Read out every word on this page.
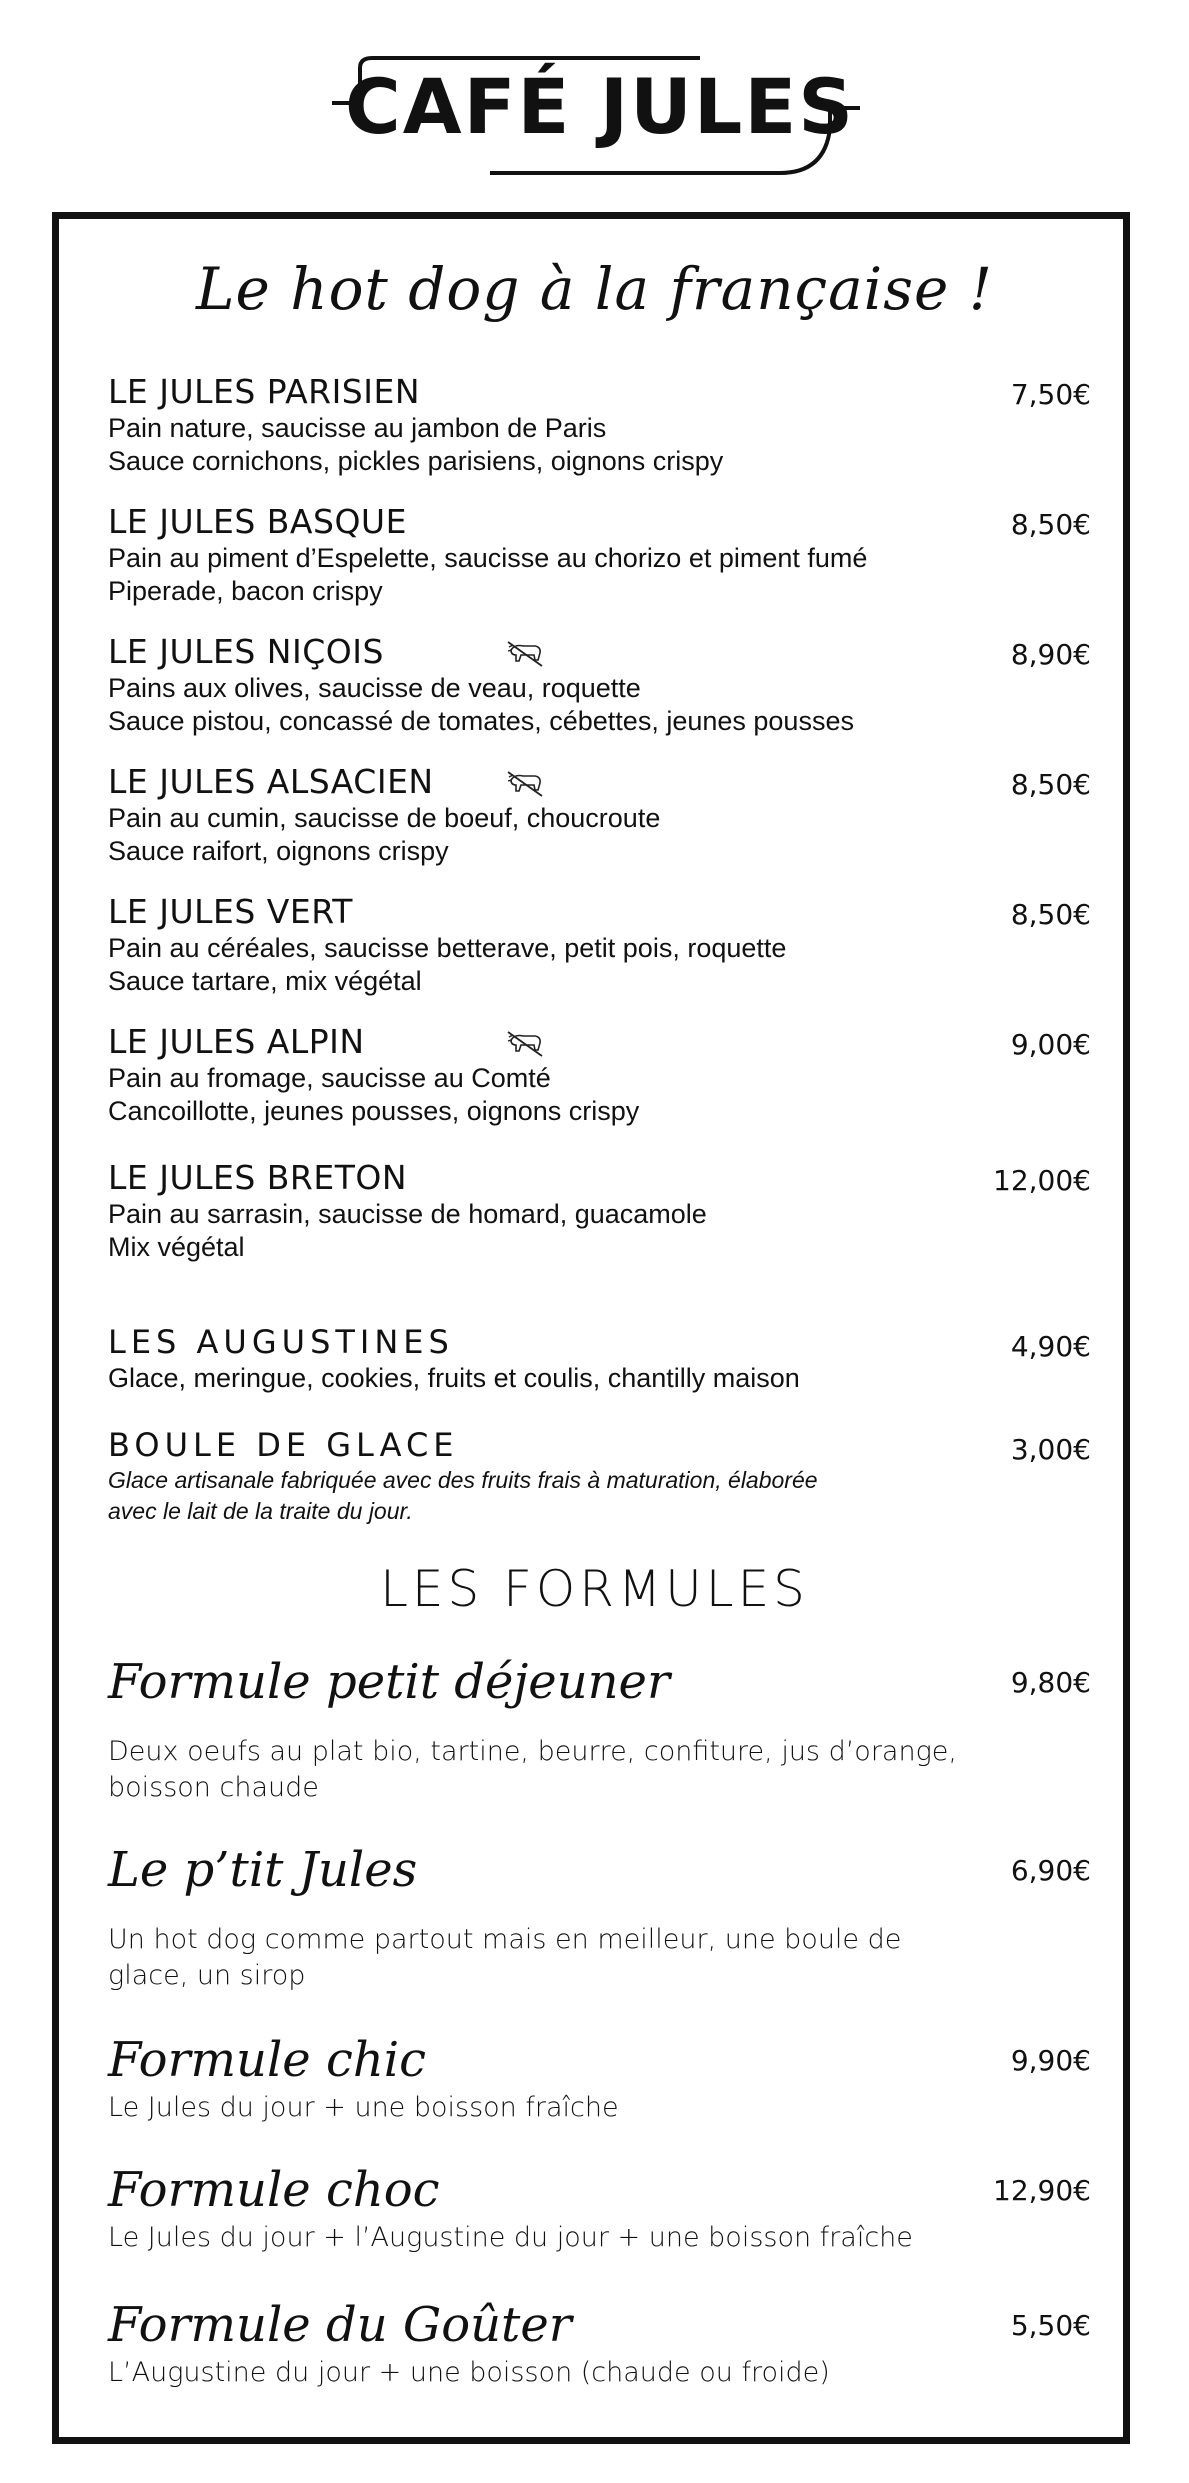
CAFÉ JULES
Le hot dog à la française !
LE JULES PARISIEN
Pain nature, saucisse au jambon de Paris
Sauce cornichons, pickles parisiens, oignons crispy
7,50€
LE JULES BASQUE
Pain au piment d’Espelette, saucisse au chorizo et piment fumé
Piperade, bacon crispy
8,50€
LE JULES NIÇOIS
Pains aux olives, saucisse de veau, roquette
Sauce pistou, concassé de tomates, cébettes, jeunes pousses
8,90€
LE JULES ALSACIEN
Pain au cumin, saucisse de boeuf, choucroute
Sauce raifort, oignons crispy
8,50€
LE JULES VERT
Pain au céréales, saucisse betterave, petit pois, roquette
Sauce tartare, mix végétal
8,50€
LE JULES ALPIN
Pain au fromage, saucisse au Comté
Cancoillotte, jeunes pousses, oignons crispy
9,00€
LE JULES BRETON
Pain au sarrasin, saucisse de homard, guacamole
Mix végétal
12,00€
LES AUGUSTINES
Glace, meringue, cookies, fruits et coulis, chantilly maison
4,90€
BOULE DE GLACE
Glace artisanale fabriquée avec des fruits frais à maturation, élaborée
avec le lait de la traite du jour.
3,00€
LES FORMULES
Formule petit déjeuner
Deux oeufs au plat bio, tartine, beurre, confiture, jus d’orange,
boisson chaude
9,80€
Le p’tit Jules
Un hot dog comme partout mais en meilleur, une boule de
glace, un sirop
6,90€
Formule chic
Le Jules du jour + une boisson fraîche
9,90€
Formule choc
Le Jules du jour + l’Augustine du jour + une boisson fraîche
12,90€
Formule du Goûter
L’Augustine du jour + une boisson (chaude ou froide)
5,50€
